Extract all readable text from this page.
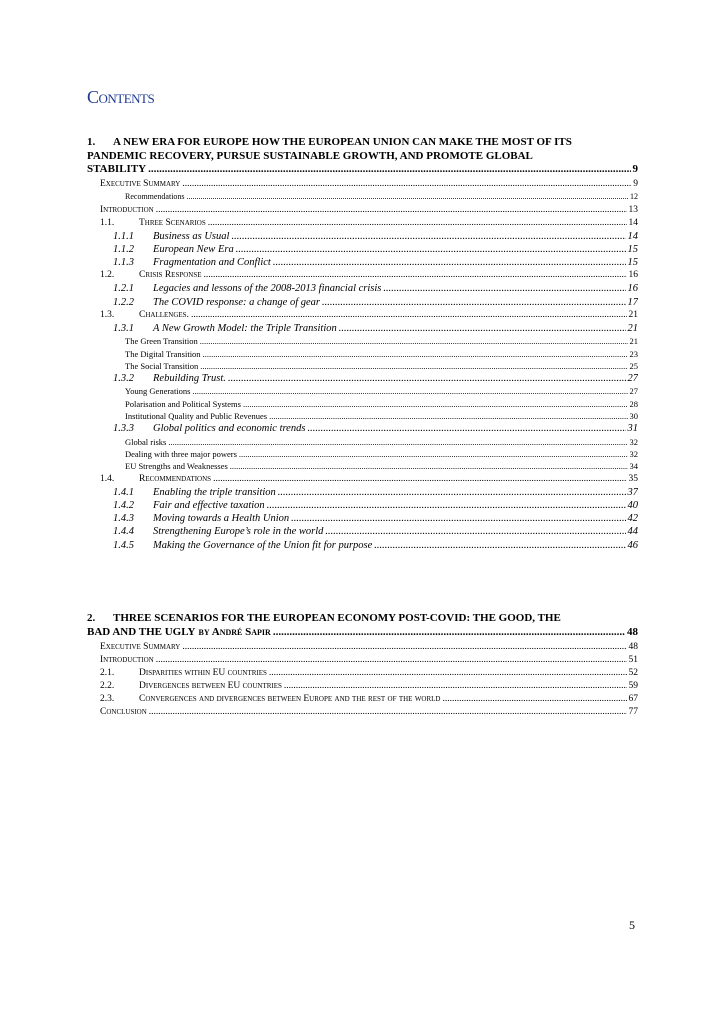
Contents
1. A NEW ERA FOR EUROPE HOW THE EUROPEAN UNION CAN MAKE THE MOST OF ITS
PANDEMIC RECOVERY, PURSUE SUSTAINABLE GROWTH, AND PROMOTE GLOBAL
STABILITY .....	9
Executive Summary .....	9
Recommendations .....	12
Introduction .....	13
1.1.	Three Scenarios .....	14
1.1.1	Business as Usual .....	14
1.1.2	European New Era .....	15
1.1.3	Fragmentation and Conflict .....	15
1.2.	Crisis Response .....	16
1.2.1	Legacies and lessons of the 2008-2013 financial crisis .....	16
1.2.2	The COVID response: a change of gear .....	17
1.3.	Challenges. .....	21
1.3.1	A New Growth Model: the Triple Transition .....	21
The Green Transition .....	21
The Digital Transition .....	23
The Social Transition .....	25
1.3.2	Rebuilding Trust. .....	27
Young Generations .....	27
Polarisation and Political Systems .....	28
Institutional Quality and Public Revenues .....	30
1.3.3	Global politics and economic trends .....	31
Global risks .....	32
Dealing with three major powers .....	32
EU Strengths and Weaknesses .....	34
1.4.	Recommendations .....	35
1.4.1	Enabling the triple transition .....	37
1.4.2	Fair and effective taxation .....	40
1.4.3	Moving towards a Health Union .....	42
1.4.4	Strengthening Europe’s role in the world .....	44
1.4.5	Making the Governance of the Union fit for purpose .....	46
2. THREE SCENARIOS FOR THE EUROPEAN ECONOMY POST-COVID: THE GOOD, THE
BAD AND THE UGLY by André Sapir .....	48
Executive Summary .....	48
Introduction .....	51
2.1.	Disparities within EU countries .....	52
2.2.	Divergences between EU countries .....	59
2.3.	Convergences and divergences between Europe and the rest of the world .....	67
Conclusion .....	77
5
